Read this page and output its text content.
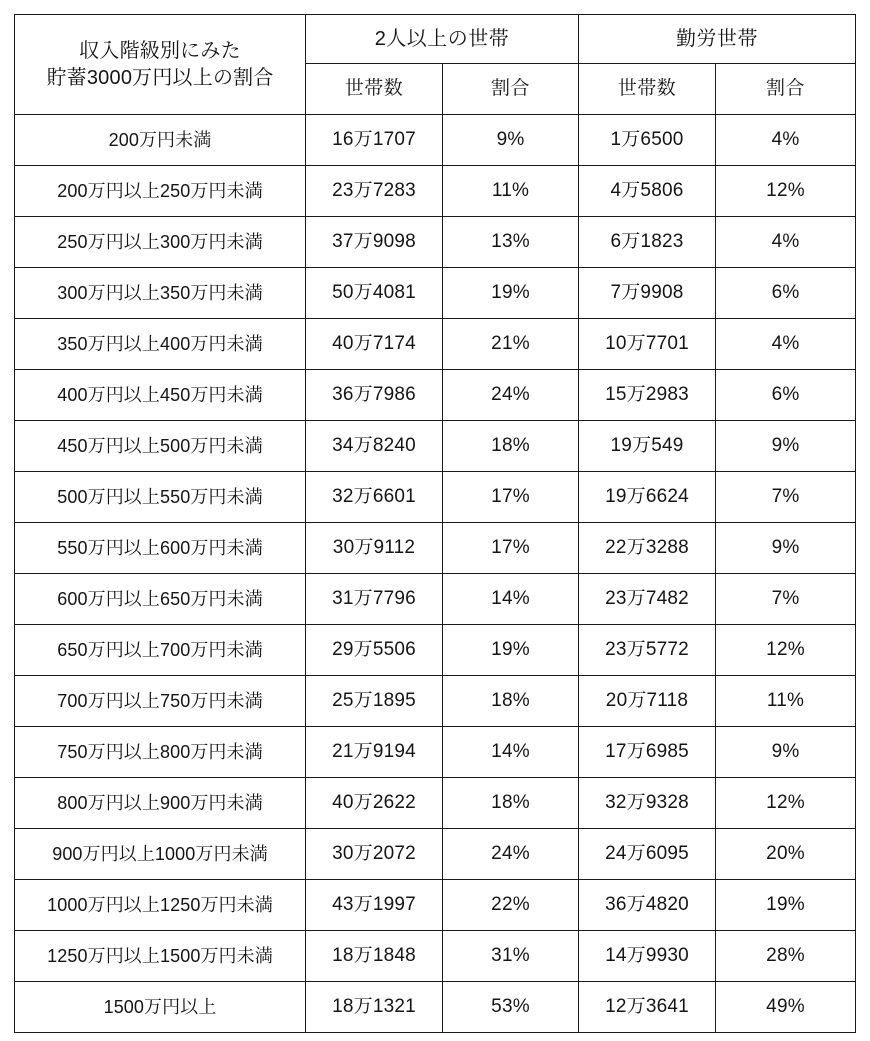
収入階級別にみた
貯蓄3000万円以上の割合	2人以上の世帯		勤労世帯	
	世帯数	割合	世帯数	割合
200万円未満	16万1707	9%	1万6500	4%
200万円以上250万円未満	23万7283	11%	4万5806	12%
250万円以上300万円未満	37万9098	13%	6万1823	4%
300万円以上350万円未満	50万4081	19%	7万9908	6%
350万円以上400万円未満	40万7174	21%	10万7701	4%
400万円以上450万円未満	36万7986	24%	15万2983	6%
450万円以上500万円未満	34万8240	18%	19万549	9%
500万円以上550万円未満	32万6601	17%	19万6624	7%
550万円以上600万円未満	30万9112	17%	22万3288	9%
600万円以上650万円未満	31万7796	14%	23万7482	7%
650万円以上700万円未満	29万5506	19%	23万5772	12%
700万円以上750万円未満	25万1895	18%	20万7118	11%
750万円以上800万円未満	21万9194	14%	17万6985	9%
800万円以上900万円未満	40万2622	18%	32万9328	12%
900万円以上1000万円未満	30万2072	24%	24万6095	20%
1000万円以上1250万円未満	43万1997	22%	36万4820	19%
1250万円以上1500万円未満	18万1848	31%	14万9930	28%
1500万円以上	18万1321	53%	12万3641	49%
